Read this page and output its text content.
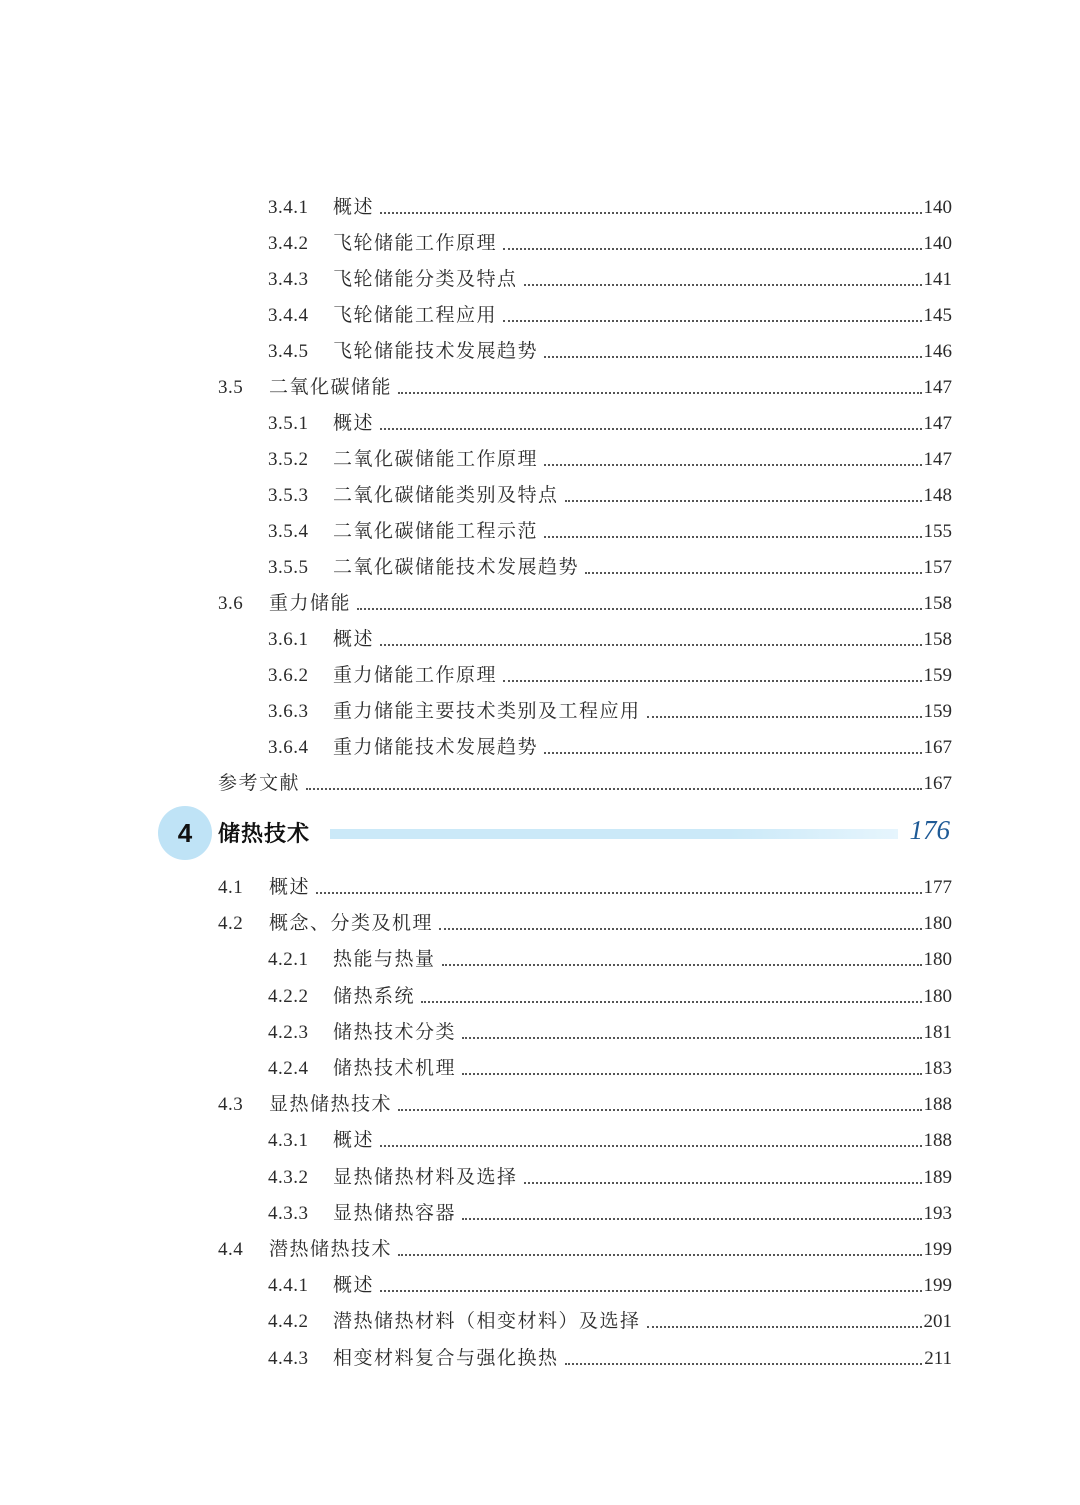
3.4.1	概述	140
3.4.2	飞轮储能工作原理	140
3.4.3	飞轮储能分类及特点	141
3.4.4	飞轮储能工程应用	145
3.4.5	飞轮储能技术发展趋势	146
3.5	二氧化碳储能	147
3.5.1	概述	147
3.5.2	二氧化碳储能工作原理	147
3.5.3	二氧化碳储能类别及特点	148
3.5.4	二氧化碳储能工程示范	155
3.5.5	二氧化碳储能技术发展趋势	157
3.6	重力储能	158
3.6.1	概述	158
3.6.2	重力储能工作原理	159
3.6.3	重力储能主要技术类别及工程应用	159
3.6.4	重力储能技术发展趋势	167
参考文献	167
4	储热技术	176
4.1	概述	177
4.2	概念、分类及机理	180
4.2.1	热能与热量	180
4.2.2	储热系统	180
4.2.3	储热技术分类	181
4.2.4	储热技术机理	183
4.3	显热储热技术	188
4.3.1	概述	188
4.3.2	显热储热材料及选择	189
4.3.3	显热储热容器	193
4.4	潜热储热技术	199
4.4.1	概述	199
4.4.2	潜热储热材料（相变材料）及选择	201
4.4.3	相变材料复合与强化换热	211
